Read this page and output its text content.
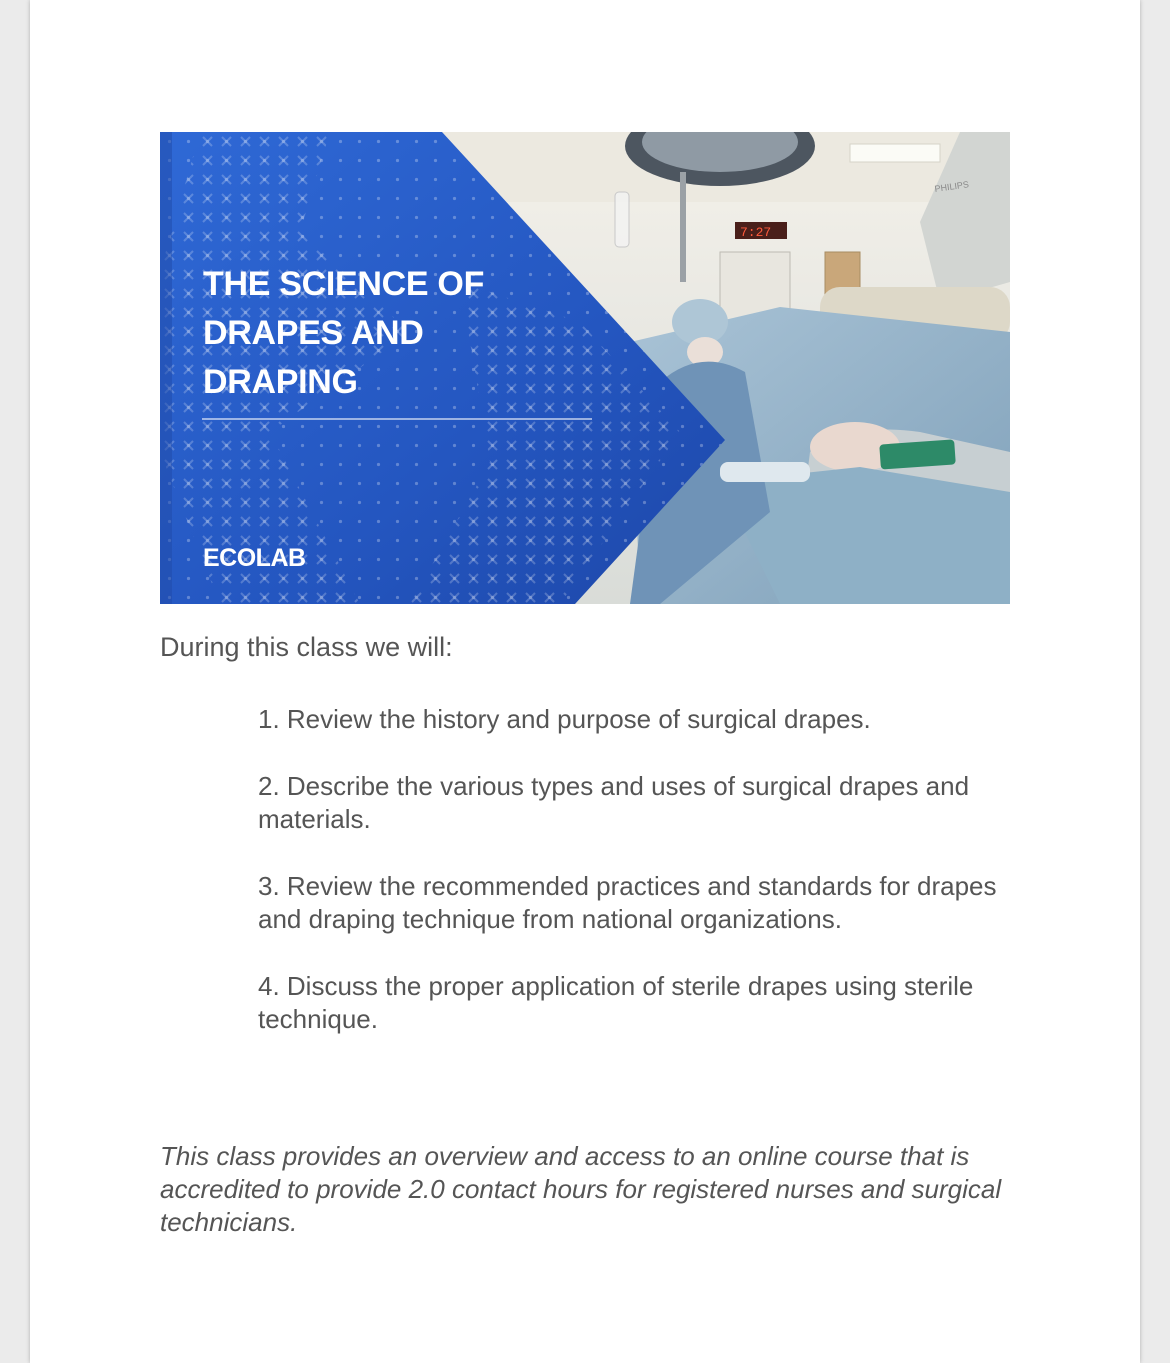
7:27
PHILIPS
THE SCIENCE OF
DRAPES AND
DRAPING
ECOLAB
During this class we will:
1. Review the history and purpose of surgical drapes.
2. Describe the various types and uses of surgical drapes and materials.
3. Review the recommended practices and standards for drapes and draping technique from national organizations.
4. Discuss the proper application of sterile drapes using sterile technique.
This class provides an overview and access to an online course that is accredited to provide 2.0 contact hours for registered nurses and surgical technicians.
